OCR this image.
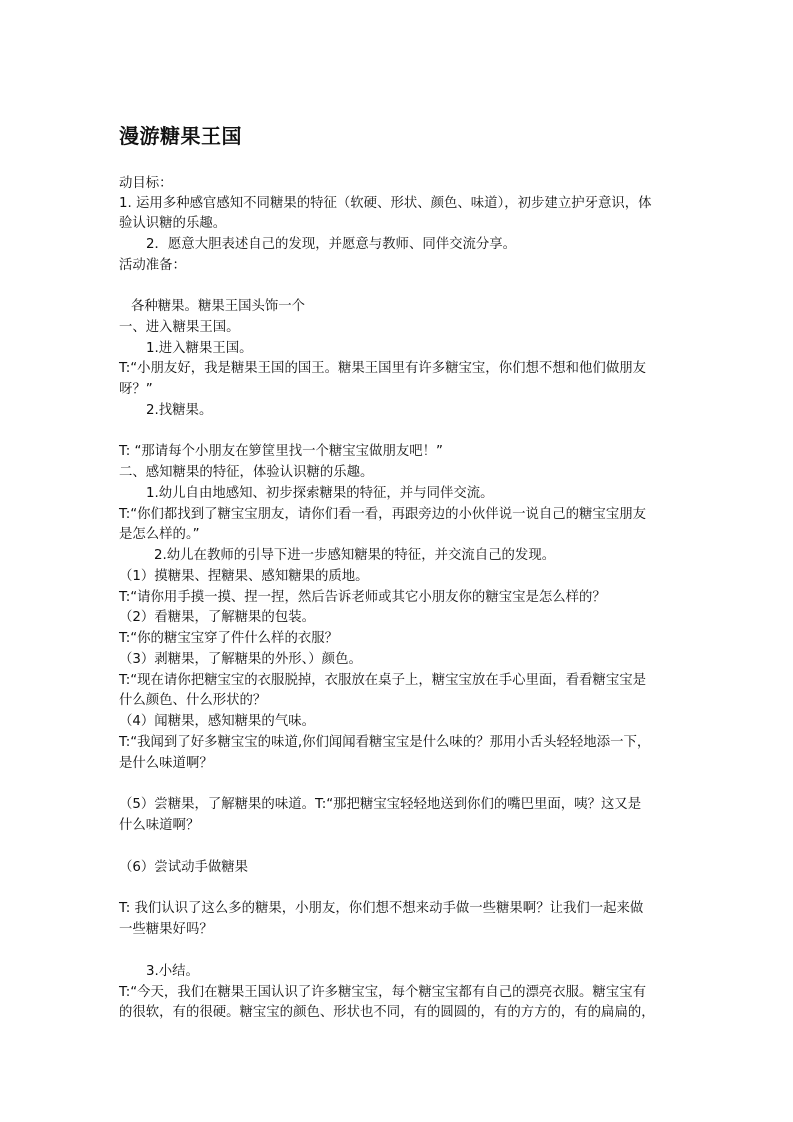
漫游糖果王国

动目标：

1. 运用多种感官感知不同糖果的特征（软硬、形状、颜色、味道），初步建立护牙意识，体

验认识糖的乐趣。

2．愿意大胆表述自己的发现，并愿意与教师、同伴交流分享。

活动准备：

各种糖果。糖果王国头饰一个

一、进入糖果王国。

1.进入糖果王国。

T:“小朋友好，我是糖果王国的国王。糖果王国里有许多糖宝宝，你们想不想和他们做朋友

呀？”

2.找糖果。

T: “那请每个小朋友在箩筐里找一个糖宝宝做朋友吧！”

二、感知糖果的特征，体验认识糖的乐趣。

1.幼儿自由地感知、初步探索糖果的特征，并与同伴交流。

T:“你们都找到了糖宝宝朋友，请你们看一看，再跟旁边的小伙伴说一说自己的糖宝宝朋友

是怎么样的。”

2.幼儿在教师的引导下进一步感知糖果的特征，并交流自己的发现。

（1）摸糖果、捏糖果、感知糖果的质地。

T:“请你用手摸一摸、捏一捏，然后告诉老师或其它小朋友你的糖宝宝是怎么样的？

（2）看糖果，了解糖果的包装。

T:“你的糖宝宝穿了件什么样的衣服？

（3）剥糖果，了解糖果的外形、）颜色。

T:“现在请你把糖宝宝的衣服脱掉，衣服放在桌子上，糖宝宝放在手心里面，看看糖宝宝是

什么颜色、什么形状的？

（4）闻糖果，感知糖果的气味。

T:“我闻到了好多糖宝宝的味道,你们闻闻看糖宝宝是什么味的？那用小舌头轻轻地添一下，

是什么味道啊？

（5）尝糖果，了解糖果的味道。T:“那把糖宝宝轻轻地送到你们的嘴巴里面，咦？这又是

什么味道啊？

（6）尝试动手做糖果

T: 我们认识了这么多的糖果，小朋友，你们想不想来动手做一些糖果啊？让我们一起来做

一些糖果好吗？

3.小结。

T:“今天，我们在糖果王国认识了许多糖宝宝，每个糖宝宝都有自己的漂亮衣服。糖宝宝有

的很软，有的很硬。糖宝宝的颜色、形状也不同，有的圆圆的，有的方方的，有的扁扁的，
